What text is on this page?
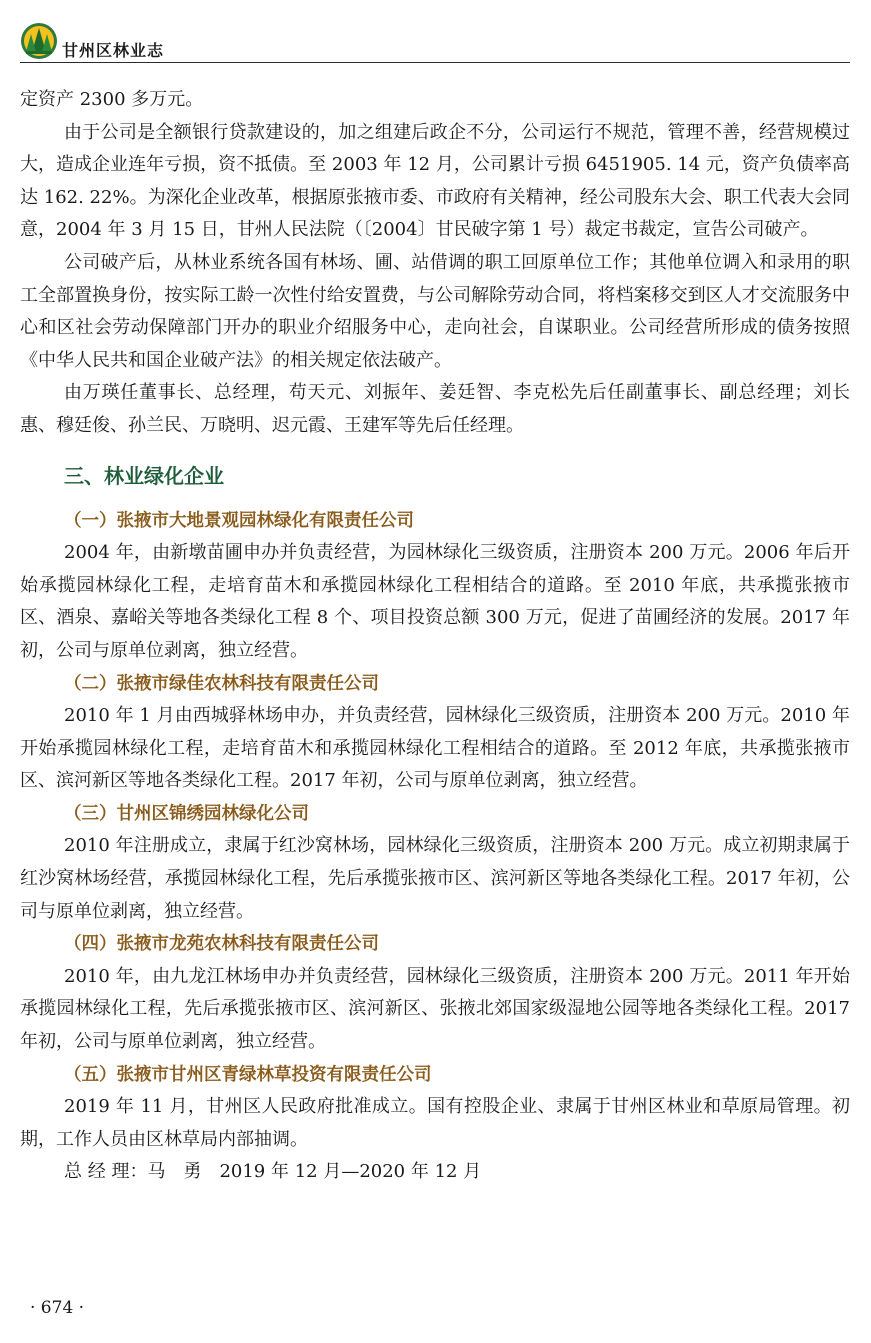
甘州区林业志

定资产 2300 多万元。

由于公司是全额银行贷款建设的，加之组建后政企不分，公司运行不规范，管理不善，经营规模过大，造成企业连年亏损，资不抵债。至 2003 年 12 月，公司累计亏损 6451905. 14 元，资产负债率高达 162. 22%。为深化企业改革，根据原张掖市委、市政府有关精神，经公司股东大会、职工代表大会同意，2004 年 3 月 15 日，甘州人民法院（〔2004〕甘民破字第 1 号）裁定书裁定，宣告公司破产。

公司破产后，从林业系统各国有林场、圃、站借调的职工回原单位工作；其他单位调入和录用的职工全部置换身份，按实际工龄一次性付给安置费，与公司解除劳动合同，将档案移交到区人才交流服务中心和区社会劳动保障部门开办的职业介绍服务中心，走向社会，自谋职业。公司经营所形成的债务按照《中华人民共和国企业破产法》的相关规定依法破产。

由万瑛任董事长、总经理，苟天元、刘振年、姜廷智、李克松先后任副董事长、副总经理；刘长惠、穆廷俊、孙兰民、万晓明、迟元霞、王建军等先后任经理。

三、林业绿化企业
（一）张掖市大地景观园林绿化有限责任公司

2004 年，由新墩苗圃申办并负责经营，为园林绿化三级资质，注册资本 200 万元。2006 年后开始承揽园林绿化工程，走培育苗木和承揽园林绿化工程相结合的道路。至 2010 年底，共承揽张掖市区、酒泉、嘉峪关等地各类绿化工程 8 个、项目投资总额 300 万元，促进了苗圃经济的发展。2017 年初，公司与原单位剥离，独立经营。

（二）张掖市绿佳农林科技有限责任公司

2010 年 1 月由西城驿林场申办，并负责经营，园林绿化三级资质，注册资本 200 万元。2010 年开始承揽园林绿化工程，走培育苗木和承揽园林绿化工程相结合的道路。至 2012 年底，共承揽张掖市区、滨河新区等地各类绿化工程。2017 年初，公司与原单位剥离，独立经营。

（三）甘州区锦绣园林绿化公司

2010 年注册成立，隶属于红沙窝林场，园林绿化三级资质，注册资本 200 万元。成立初期隶属于红沙窝林场经营，承揽园林绿化工程，先后承揽张掖市区、滨河新区等地各类绿化工程。2017 年初，公司与原单位剥离，独立经营。

（四）张掖市龙苑农林科技有限责任公司

2010 年，由九龙江林场申办并负责经营，园林绿化三级资质，注册资本 200 万元。2011 年开始承揽园林绿化工程，先后承揽张掖市区、滨河新区、张掖北郊国家级湿地公园等地各类绿化工程。2017 年初，公司与原单位剥离，独立经营。

（五）张掖市甘州区青绿林草投资有限责任公司

2019 年 11 月，甘州区人民政府批准成立。国有控股企业、隶属于甘州区林业和草原局管理。初期，工作人员由区林草局内部抽调。

总 经 理：马　勇　2019 年 12 月—2020 年 12 月

· 674 ·
